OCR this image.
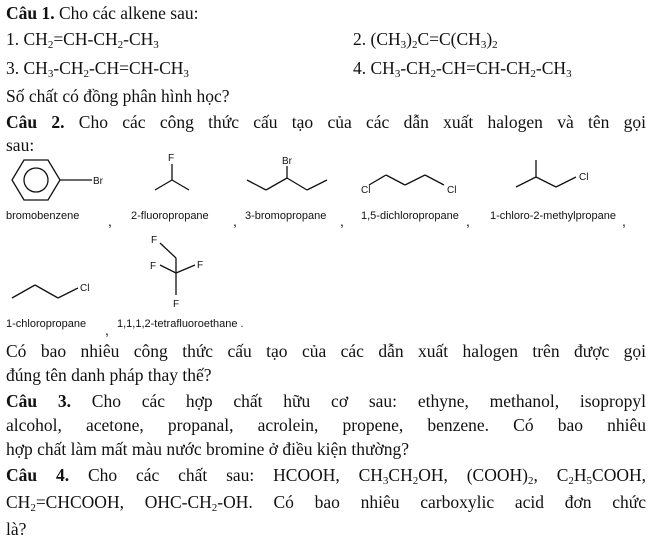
Câu 1. Cho các alkene sau:
1. $CH_2=CH-CH_2-CH_3$	2. $(CH_3)_2C=C(CH_3)_2$
3. $CH_3-CH_2-CH=CH-CH_3$	4. $CH_3-CH_2-CH=CH-CH_2-CH_3$
Số chất có đồng phân hình học?
Câu 2. Cho các công thức cấu tạo của các dẫn xuất halogen và tên gọi
sau:
Br
F	Br
Cl	Cl
Cl
bromobenzene , 2-fluoropropane , 3-bromopropane , 1,5-dichloropropane , 1-chloro-2-methylpropane ,
Cl
F
F	F
F
1-chloropropane , 1,1,1,2-tetrafluoroethane .
Có bao nhiêu công thức cấu tạo của các dẫn xuất halogen trên được gọi
đúng tên danh pháp thay thế?
Câu 3. Cho các hợp chất hữu cơ sau: ethyne, methanol, isopropyl
alcohol, acetone, propanal, acrolein, propene, benzene. Có bao nhiêu
hợp chất làm mất màu nước bromine ở điều kiện thường?
Câu 4. Cho các chất sau: HCOOH, $CH_3CH_2OH$, $(COOH)_2$, $C_2H_5COOH$,
$CH_2=CHCOOH$, OHC-$CH_2-OH$. Có bao nhiêu carboxylic acid đơn chức
là?
